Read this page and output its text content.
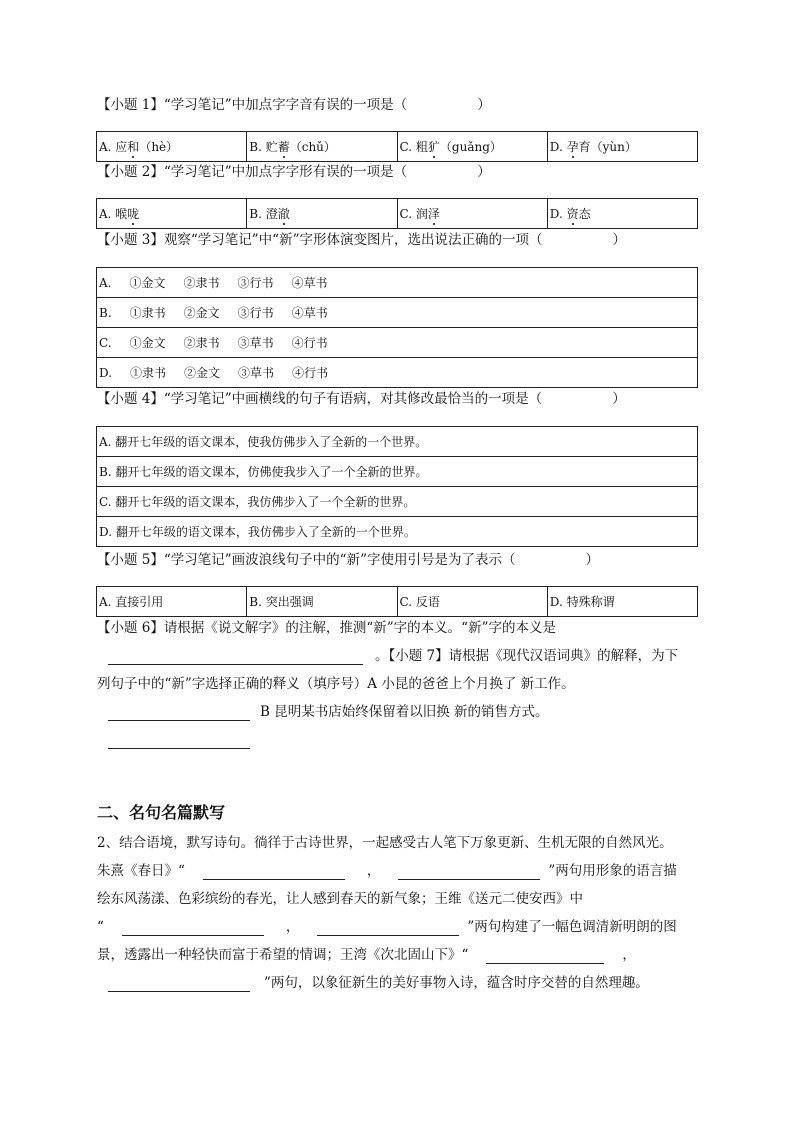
【小题 1】“学习笔记”中加点字字音有误的一项是（	）
A. 应和（hè）	B. 贮蓄（chǔ）	C. 粗犷（guǎng）	D. 孕育（yùn）
【小题 2】“学习笔记”中加点字字形有误的一项是（	）
A. 喉咙	B. 澄澈	C. 润泽	D. 资态
【小题 3】观察“学习笔记”中“新”字形体演变图片，选出说法正确的一项（	）
A. ①金文 ②隶书 ③行书 ④草书
B. ①隶书 ②金文 ③行书 ④草书
C. ①金文 ②隶书 ③草书 ④行书
D. ①隶书 ②金文 ③草书 ④行书
【小题 4】“学习笔记”中画横线的句子有语病，对其修改最恰当的一项是（	）
A. 翻开七年级的语文课本，使我仿佛步入了全新的一个世界。
B. 翻开七年级的语文课本，仿佛使我步入了一个全新的世界。
C. 翻开七年级的语文课本，我仿佛步入了一个全新的世界。
D. 翻开七年级的语文课本，我仿佛步入了全新的一个世界。
【小题 5】“学习笔记”画波浪线句子中的“新”字使用引号是为了表示（	）
A. 直接引用	B. 突出强调	C. 反语	D. 特殊称谓
【小题 6】请根据《说文解字》的注解，推测“新”字的本义。“新”字的本义是
。【小题 7】请根据《现代汉语词典》的解释，为下
列句子中的“新”字选择正确的释义（填序号）A 小昆的爸爸上个月换了 新工作。
B 昆明某书店始终保留着以旧换 新的销售方式。
二、名句名篇默写
2、结合语境，默写诗句。徜徉于古诗世界，一起感受古人笔下万象更新、生机无限的自然风光。
朱熹《春日》“	，	”两句用形象的语言描
绘东风荡漾、色彩缤纷的春光，让人感到春天的新气象；王维《送元二使安西》中
“	，	”两句构建了一幅色调清新明朗的图
景，透露出一种轻快而富于希望的情调；王湾《次北固山下》“	，
”两句，以象征新生的美好事物入诗，蕴含时序交替的自然理趣。
